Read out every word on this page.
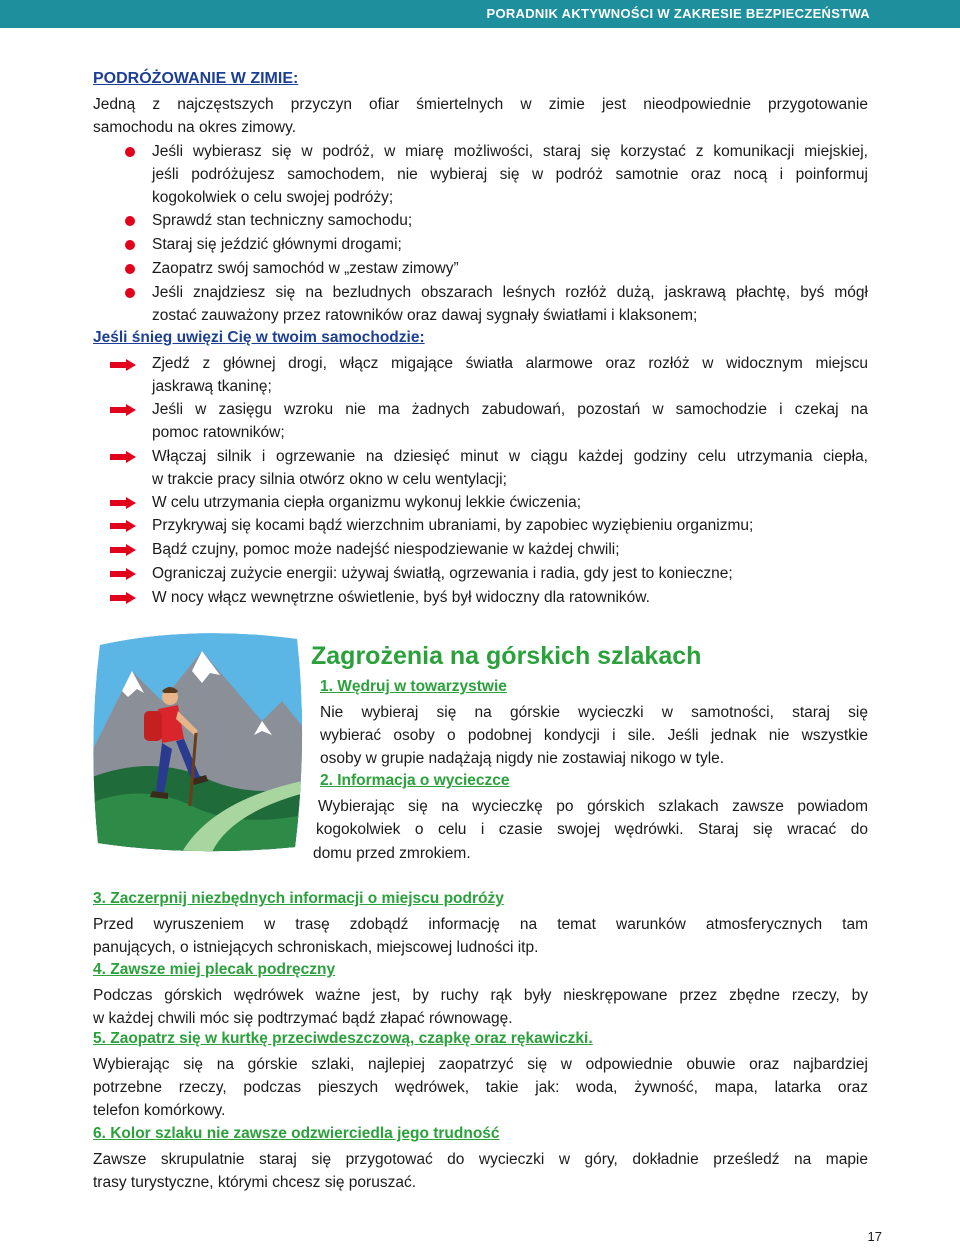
PORADNIK AKTYWNOŚCI W ZAKRESIE BEZPIECZEŃSTWA
PODRÓŻOWANIE W ZIMIE:

Jedną z najczęstszych przyczyn ofiar śmiertelnych w zimie jest nieodpowiednie przygotowanie

samochodu na okres zimowy.

Jeśli wybierasz się w podróż, w miarę możliwości, staraj się korzystać z komunikacji miejskiej,

jeśli podróżujesz samochodem, nie wybieraj się w podróż samotnie oraz nocą i poinformuj

kogokolwiek o celu swojej podróży;

Sprawdź stan techniczny samochodu;

Staraj się jeździć głównymi drogami;

Zaopatrz swój samochód w „zestaw zimowy”

Jeśli znajdziesz się na bezludnych obszarach leśnych rozłóż dużą, jaskrawą płachtę, byś mógł

zostać zauważony przez ratowników oraz dawaj sygnały światłami i klaksonem;

Jeśli śnieg uwięzi Cię w twoim samochodzie:

Zjedź z głównej drogi, włącz migające światła alarmowe oraz rozłóż w widocznym miejscu

jaskrawą tkaninę;

Jeśli w zasięgu wzroku nie ma żadnych zabudowań, pozostań w samochodzie i czekaj na

pomoc ratowników;

Włączaj silnik i ogrzewanie na dziesięć minut w ciągu każdej godziny celu utrzymania ciepła,

w trakcie pracy silnia otwórz okno w celu wentylacji;

W celu utrzymania ciepła organizmu wykonuj lekkie ćwiczenia;

Przykrywaj się kocami bądź wierzchnim ubraniami, by zapobiec wyziębieniu organizmu;

Bądź czujny, pomoc może nadejść niespodziewanie w każdej chwili;

Ograniczaj zużycie energii: używaj światłą, ogrzewania i radia, gdy jest to konieczne;

W nocy włącz wewnętrzne oświetlenie, byś był widoczny dla ratowników.

Zagrożenia na górskich szlakach
1. Wędruj w towarzystwie

Nie wybieraj się na górskie wycieczki w samotności, staraj się

wybierać osoby o podobnej kondycji i sile. Jeśli jednak nie wszystkie

osoby w grupie nadążają nigdy nie zostawiaj nikogo w tyle.

2. Informacja o wycieczce

Wybierając się na wycieczkę po górskich szlakach zawsze powiadom

kogokolwiek o celu i czasie swojej wędrówki. Staraj się wracać do

domu przed zmrokiem.

3. Zaczerpnij niezbędnych informacji o miejscu podróży

Przed wyruszeniem w trasę zdobądź informację na temat warunków atmosferycznych tam

panujących, o istniejących schroniskach, miejscowej ludności itp.

4. Zawsze miej plecak podręczny

Podczas górskich wędrówek ważne jest, by ruchy rąk były nieskrępowane przez zbędne rzeczy, by

w każdej chwili móc się podtrzymać bądź złapać równowagę.

5. Zaopatrz się w kurtkę przeciwdeszczową, czapkę oraz rękawiczki.

Wybierając się na górskie szlaki, najlepiej zaopatrzyć się w odpowiednie obuwie oraz najbardziej

potrzebne rzeczy, podczas pieszych wędrówek, takie jak: woda, żywność, mapa, latarka oraz

telefon komórkowy.

6. Kolor szlaku nie zawsze odzwierciedla jego trudność

Zawsze skrupulatnie staraj się przygotować do wycieczki w góry, dokładnie prześledź na mapie

trasy turystyczne, którymi chcesz się poruszać.

17
